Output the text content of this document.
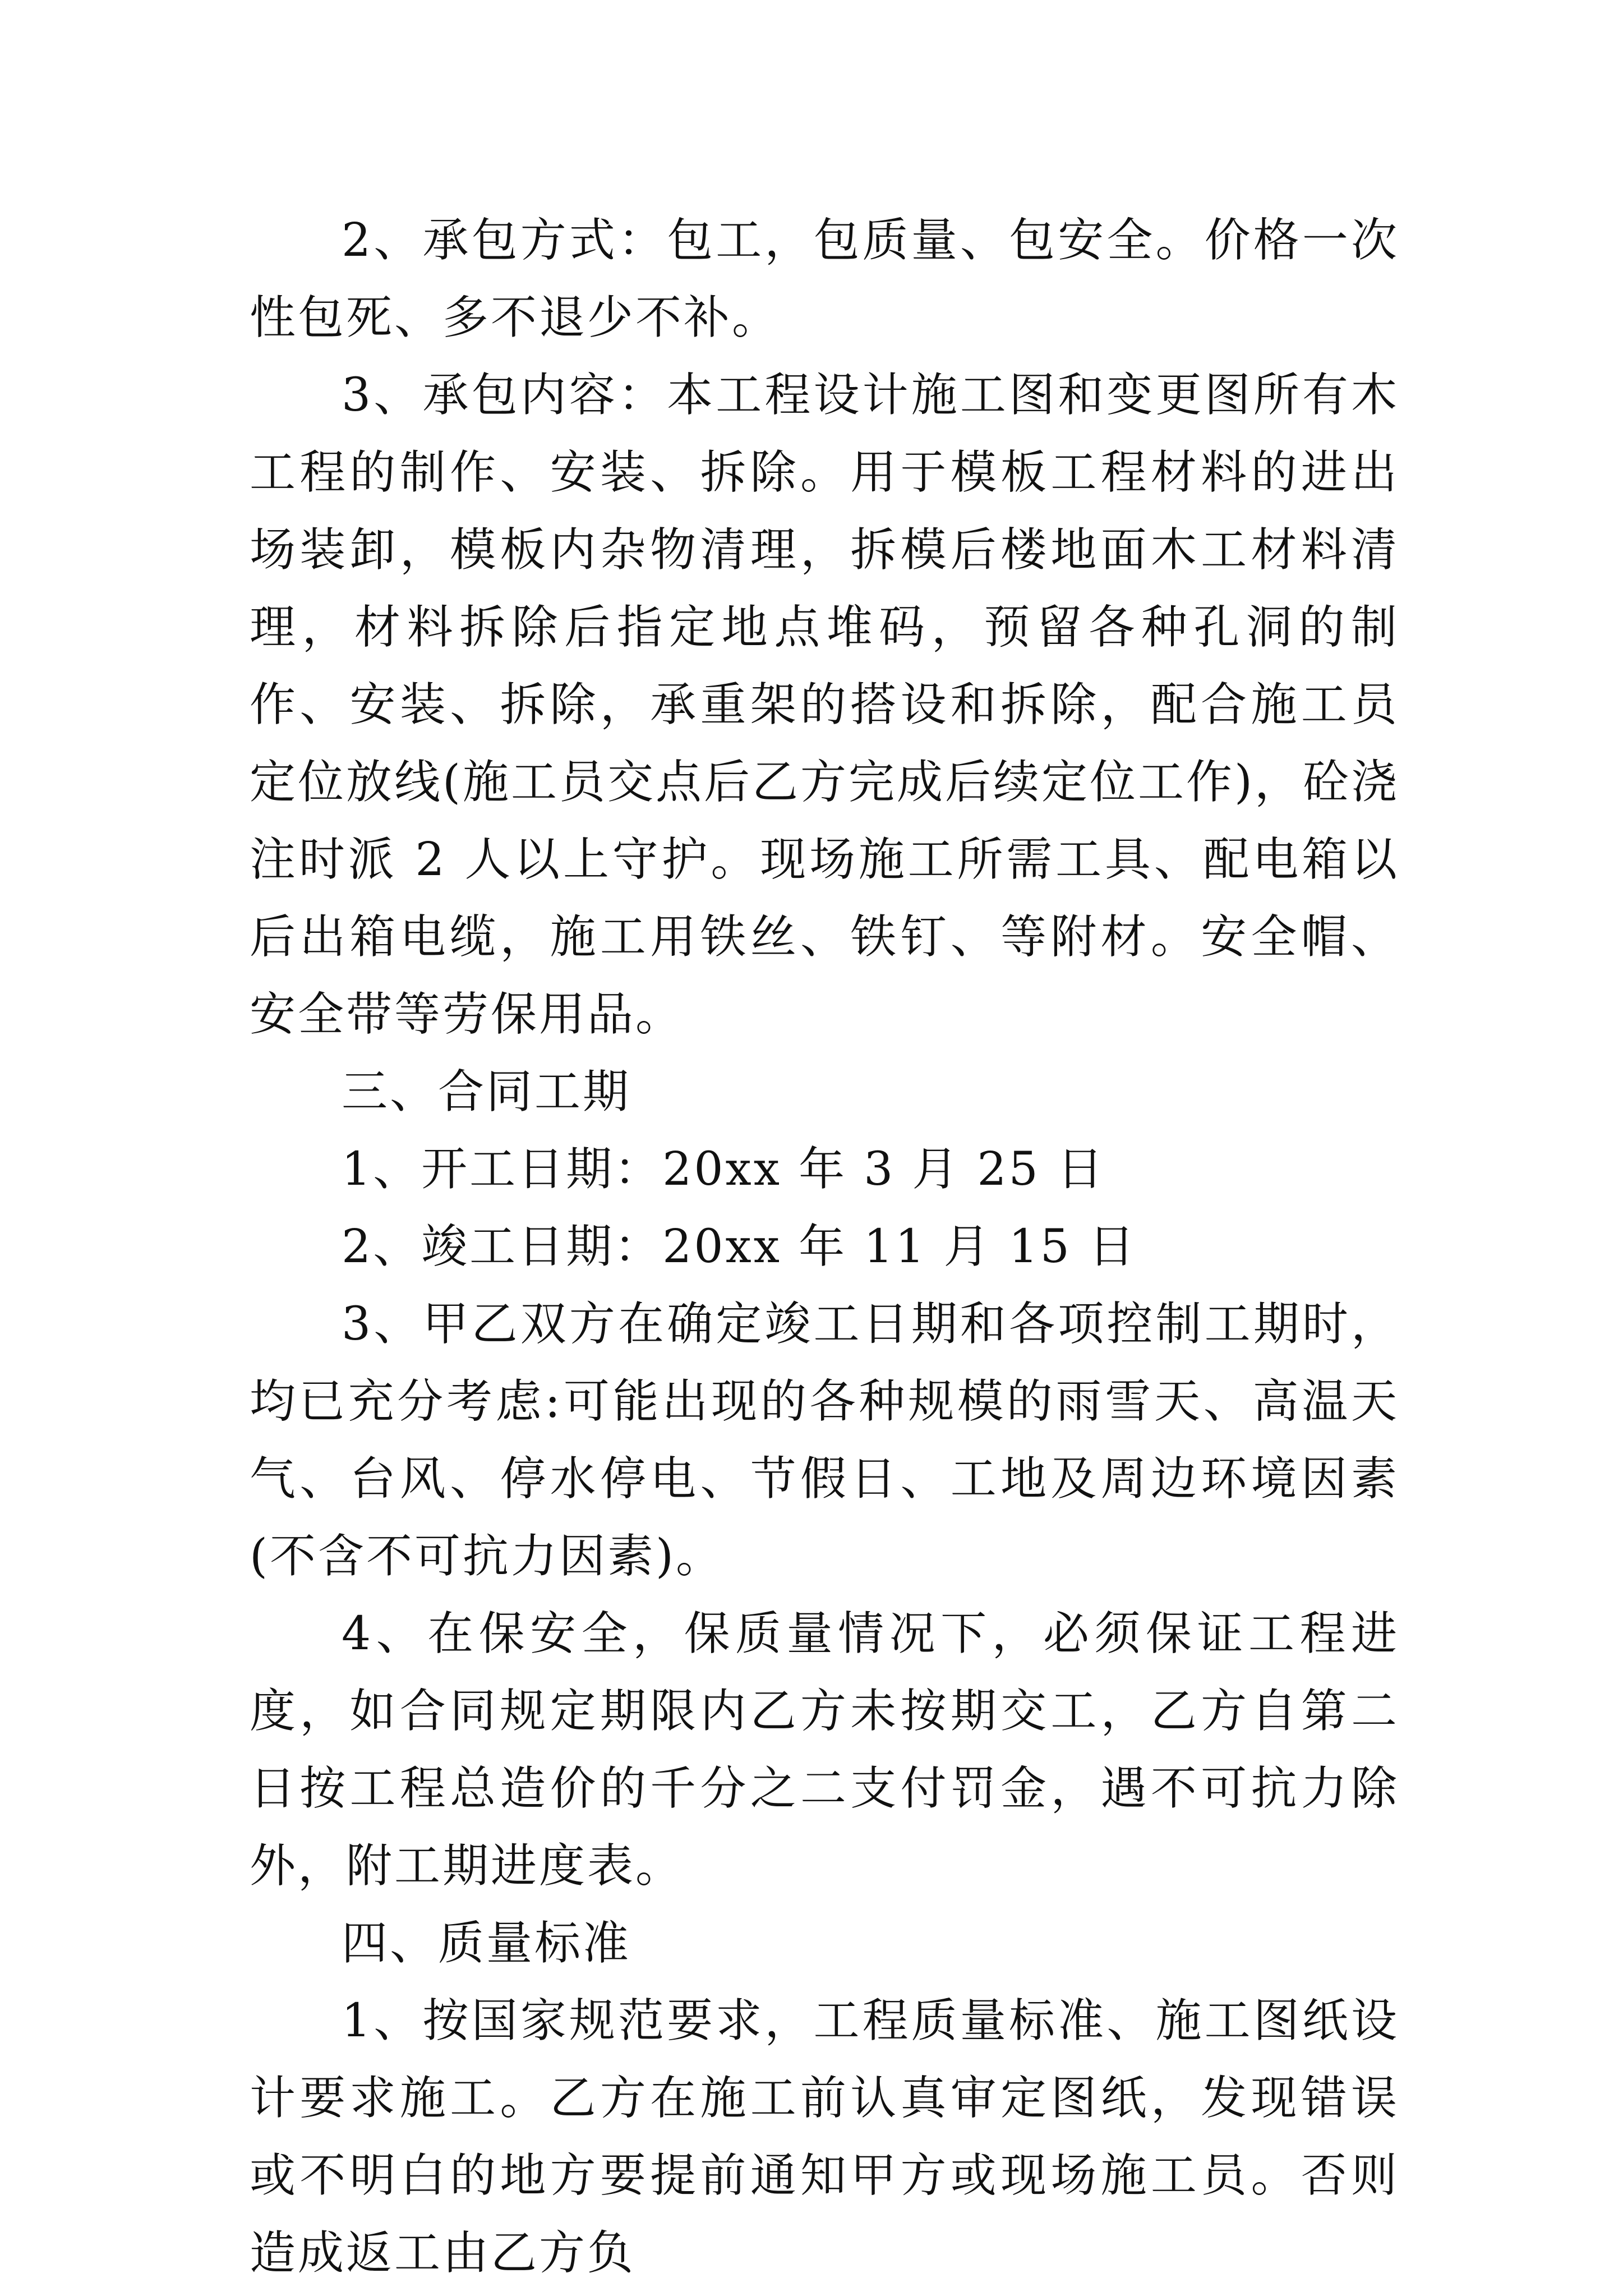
2、承包方式：包工，包质量、包安全。价格一次性包死、多不退少不补。

3、承包内容：本工程设计施工图和变更图所有木工程的制作、安装、拆除。用于模板工程材料的进出场装卸，模板内杂物清理，拆模后楼地面木工材料清理，材料拆除后指定地点堆码，预留各种孔洞的制作、安装、拆除，承重架的搭设和拆除，配合施工员定位放线(施工员交点后乙方完成后续定位工作)，砼浇注时派 2 人以上守护。现场施工所需工具、配电箱以后出箱电缆，施工用铁丝、铁钉、等附材。安全帽、安全带等劳保用品。

三、合同工期

1、开工日期：20xx 年 3 月 25 日

2、竣工日期：20xx 年 11 月 15 日

3、甲乙双方在确定竣工日期和各项控制工期时，均已充分考虑:可能出现的各种规模的雨雪天、高温天气、台风、停水停电、节假日、工地及周边环境因素(不含不可抗力因素)。

4、在保安全，保质量情况下，必须保证工程进度，如合同规定期限内乙方未按期交工，乙方自第二日按工程总造价的千分之二支付罚金，遇不可抗力除外，附工期进度表。

四、质量标准

1、按国家规范要求，工程质量标准、施工图纸设计要求施工。乙方在施工前认真审定图纸，发现错误或不明白的地方要提前通知甲方或现场施工员。否则造成返工由乙方负
